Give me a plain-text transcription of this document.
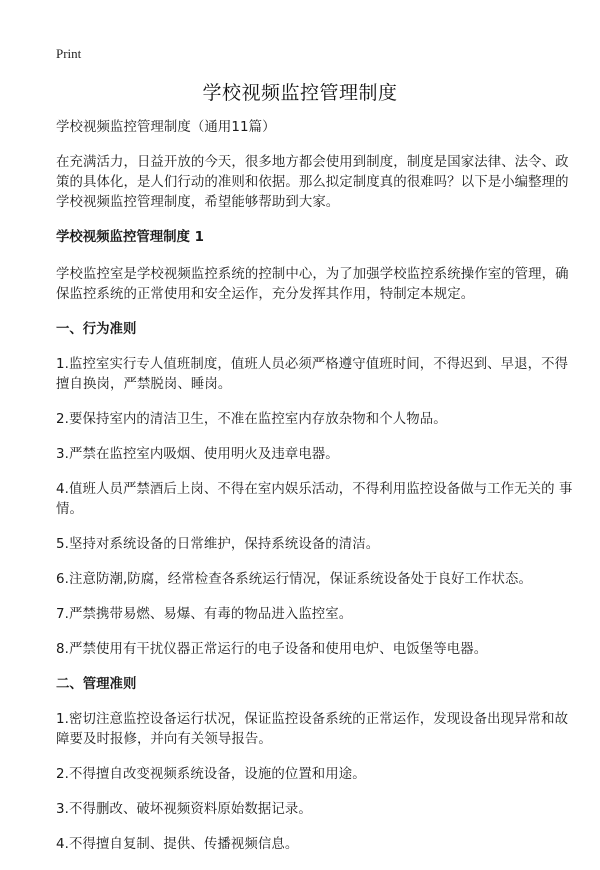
Print
学校视频监控管理制度

学校视频监控管理制度（通用11篇）

在充满活力，日益开放的今天，很多地方都会使用到制度，制度是国家法律、法令、政策的具体化，是人们行动的准则和依据。那么拟定制度真的很难吗？以下是小编整理的学校视频监控管理制度，希望能够帮助到大家。

学校视频监控管理制度 1

学校监控室是学校视频监控系统的控制中心，为了加强学校监控系统操作室的管理，确保监控系统的正常使用和安全运作，充分发挥其作用，特制定本规定。

一、行为准则

1.监控室实行专人值班制度，值班人员必须严格遵守值班时间，不得迟到、早退，不得擅自换岗，严禁脱岗、睡岗。

2.要保持室内的清洁卫生，不准在监控室内存放杂物和个人物品。

3.严禁在监控室内吸烟、使用明火及违章电器。

4.值班人员严禁酒后上岗、不得在室内娱乐活动，不得利用监控设备做与工作无关的 事情。

5.坚持对系统设备的日常维护，保持系统设备的清洁。

6.注意防潮,防腐，经常检查各系统运行情况，保证系统设备处于良好工作状态。

7.严禁携带易燃、易爆、有毒的物品进入监控室。

8.严禁使用有干扰仪器正常运行的电子设备和使用电炉、电饭堡等电器。

二、管理准则

1.密切注意监控设备运行状况，保证监控设备系统的正常运作，发现设备出现异常和故障要及时报修，并向有关领导报告。

2.不得擅自改变视频系统设备，设施的位置和用途。

3.不得删改、破坏视频资料原始数据记录。

4.不得擅自复制、提供、传播视频信息。
